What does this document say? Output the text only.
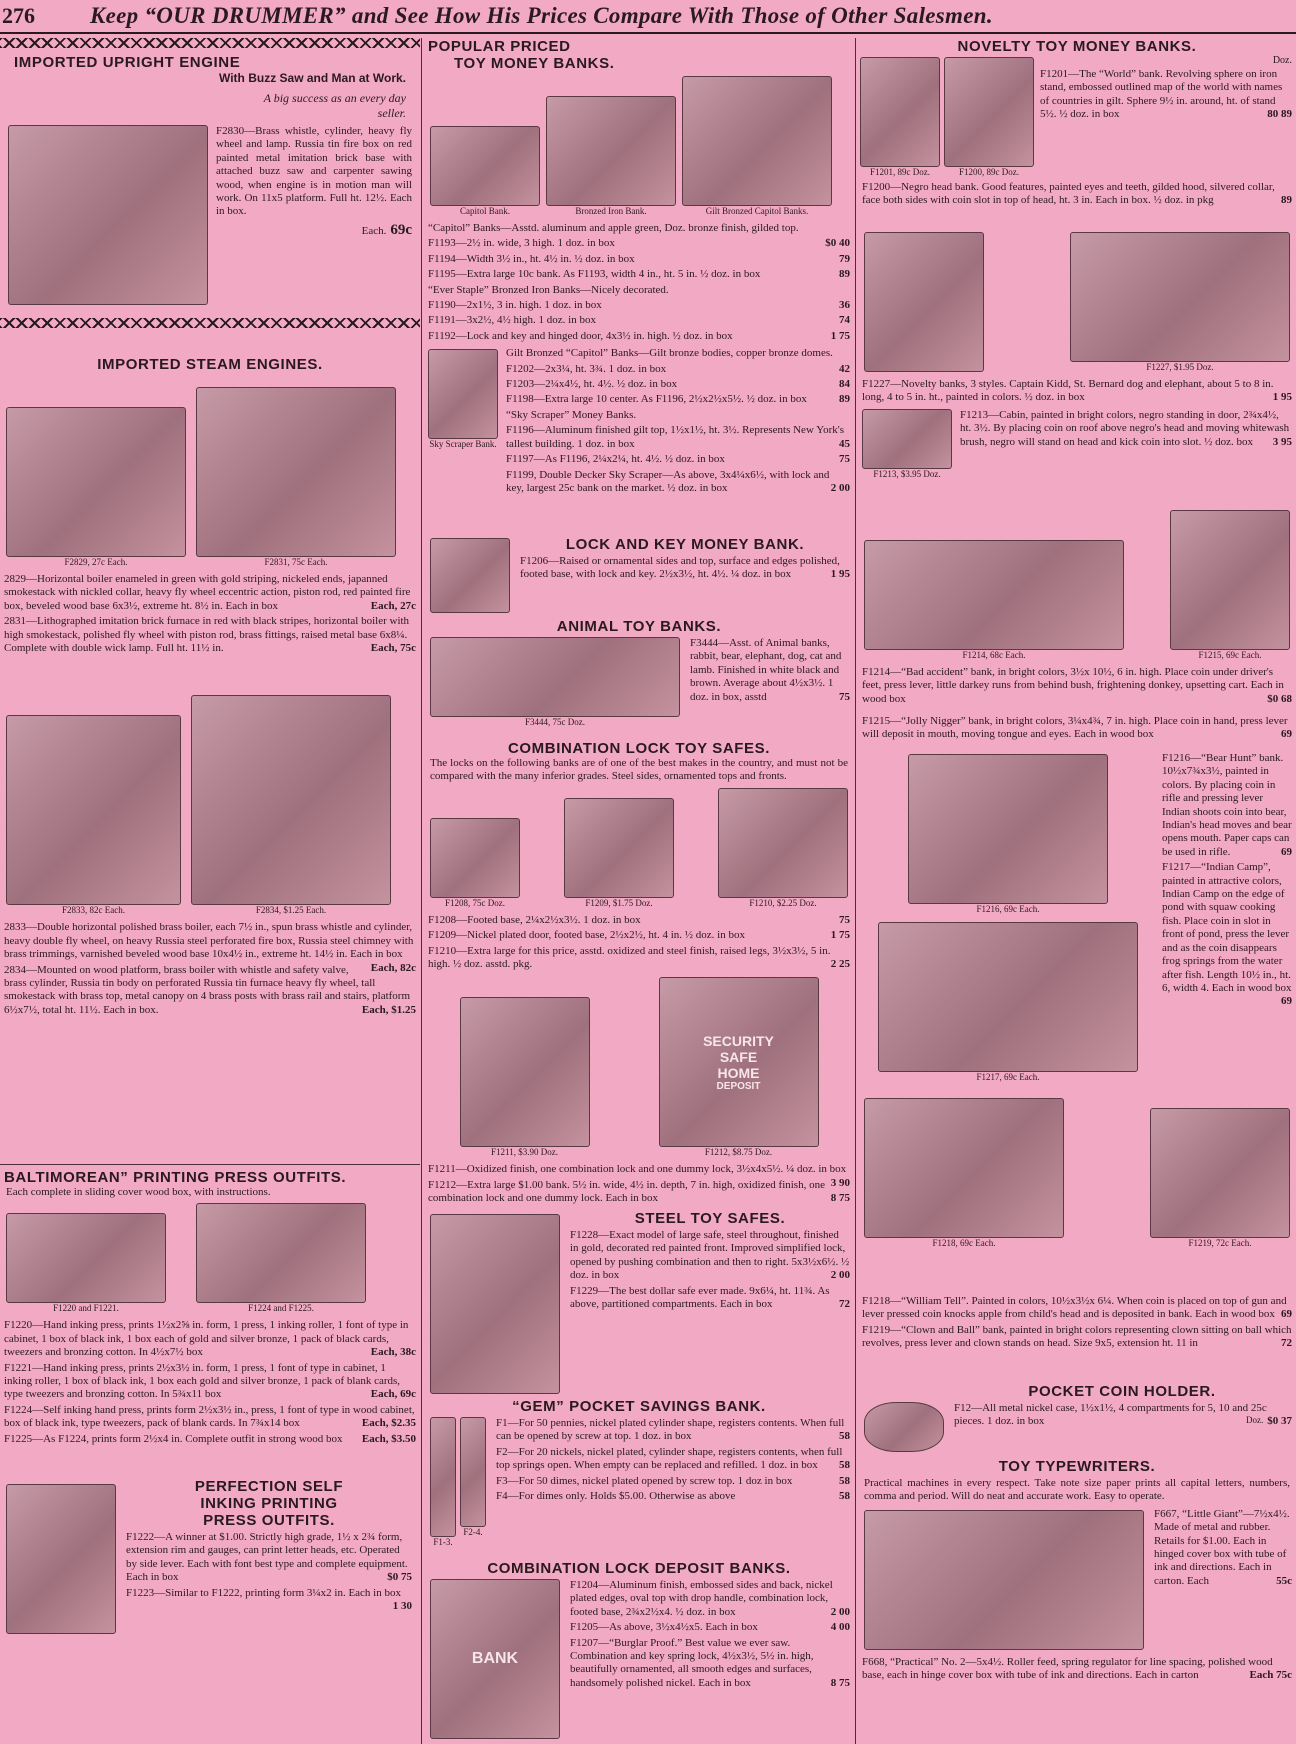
276	Keep “OUR DRUMMER” and See How His Prices Compare With Those of Other Salesmen.
IMPORTED UPRIGHT ENGINE
With Buzz Saw and Man at Work.
A big success as an every day seller.
F2830—Brass whistle, cylinder, heavy fly wheel and lamp. Russia tin fire box on red painted metal imitation brick base with attached buzz saw and carpenter sawing wood, when engine is in motion man will work. On 11x5 platform. Full ht. 12½. Each in box.
Each. 69c
IMPORTED STEAM ENGINES.
F2829, 27c Each.	F2831, 75c Each.
2829—Horizontal boiler enameled in green with gold striping, nickeled ends, japanned smokestack with nickled collar, heavy fly wheel eccentric action, piston rod, red painted fire box, beveled wood base 6x3½, extreme ht. 8½ in. Each in box	Each, 27c
2831—Lithographed imitation brick furnace in red with black stripes, horizontal boiler with high smokestack, polished fly wheel with piston rod, brass fittings, raised metal base 6x8¼. Complete with double wick lamp. Full ht. 11½ in.	Each, 75c
F2833, 82c Each.	F2834, $1.25 Each.
2833—Double horizontal polished brass boiler, each 7½ in., spun brass whistle and cylinder, heavy double fly wheel, on heavy Russia steel perforated fire box, Russia steel chimney with brass trimmings, varnished beveled wood base 10x4½ in., extreme ht. 14½ in. Each in box
Each, 82c
2834—Mounted on wood platform, brass boiler with whistle and safety valve, brass cylinder, Russia tin body on perforated Russia tin furnace heavy fly wheel, tall smokestack with brass top, metal canopy on 4 brass posts with brass rail and stairs, platform 6½x7½, total ht. 11½. Each in box.	Each, $1.25
BALTIMOREAN” PRINTING PRESS OUTFITS.
Each complete in sliding cover wood box, with instructions.
F1220 and F1221.	F1224 and F1225.
F1220—Hand inking press, prints 1½x2⅝ in. form, 1 press, 1 inking roller, 1 font of type in cabinet, 1 box of black ink, 1 box each of gold and silver bronze, 1 pack of black cards, tweezers and bronzing cotton. In 4½x7½ box	Each, 38c
F1221—Hand inking press, prints 2½x3½ in. form, 1 press, 1 font of type in cabinet, 1 inking roller, 1 box of black ink, 1 box each gold and silver bronze, 1 pack of blank cards, type tweezers and bronzing cotton. In 5¾x11 box	Each, 69c
F1224—Self inking hand press, prints form 2½x3½ in., press, 1 font of type in wood cabinet, box of black ink, type tweezers, pack of blank cards. In 7¾x14 box	Each, $2.35
F1225—As F1224, prints form 2½x4 in. Complete outfit in strong wood box	Each, $3.50
PERFECTION SELF
INKING PRINTING
PRESS OUTFITS.
F1222—A winner at $1.00. Strictly high grade, 1½ x 2¾ form, extension rim and gauges, can print letter heads, etc. Operated by side lever. Each with font best type and complete equipment. Each in box	$0 75
F1223—Similar to F1222, printing form 3¼x2 in. Each in box
1 30
POPULAR PRICED
TOY MONEY BANKS.
Capitol Bank.	Bronzed Iron Bank.	Gilt Bronzed Capitol Banks.
“Capitol” Banks—Asstd. aluminum and apple green, Doz. bronze finish, gilded top.
F1193—2½ in. wide, 3 high. 1 doz. in box	$0 40
F1194—Width 3½ in., ht. 4½ in. ½ doz. in box	79
F1195—Extra large 10c bank. As F1193, width 4 in., ht. 5 in. ½ doz. in box	89
“Ever Staple” Bronzed Iron Banks—Nicely decorated.
F1190—2x1½, 3 in. high. 1 doz. in box	36
F1191—3x2½, 4½ high. 1 doz. in box	74
F1192—Lock and key and hinged door, 4x3½ in. high. ½ doz. in box	1 75
Sky Scraper Bank.
Gilt Bronzed “Capitol” Banks—Gilt bronze bodies, copper bronze domes.
F1202—2x3¼, ht. 3¾. 1 doz. in box	42
F1203—2¼x4½, ht. 4½. ½ doz. in box	84
F1198—Extra large 10 center. As F1196, 2½x2½x5½. ½ doz. in box	89
“Sky Scraper” Money Banks.
F1196—Aluminum finished gilt top, 1½x1½, ht. 3½. Represents New York's tallest building. 1 doz. in box	45
F1197—As F1196, 2¼x2¼, ht. 4½. ½ doz. in box	75
F1199, Double Decker Sky Scraper—As above, 3x4¼x6½, with lock and key, largest 25c bank on the market. ½ doz. in box	2 00
LOCK AND KEY MONEY BANK.
F1206—Raised or ornamental sides and top, surface and edges polished, footed base, with lock and key. 2½x3½, ht. 4½. ¼ doz. in box	1 95
ANIMAL TOY BANKS.
F3444, 75c Doz.
F3444—Asst. of Animal banks, rabbit, bear, elephant, dog, cat and lamb. Finished in white black and brown. Average about 4½x3½. 1 doz. in box, asstd	75
COMBINATION LOCK TOY SAFES.
The locks on the following banks are of one of the best makes in the country, and must not be compared with the many inferior grades. Steel sides, ornamented tops and fronts.
F1208, 75c Doz.	F1209, $1.75 Doz.	F1210, $2.25 Doz.
F1208—Footed base, 2¼x2½x3½. 1 doz. in box	75
F1209—Nickel plated door, footed base, 2½x2½, ht. 4 in. ½ doz. in box	1 75
F1210—Extra large for this price, asstd. oxidized and steel finish, raised legs, 3½x3½, 5 in. high. ½ doz. asstd. pkg.	2 25
F1211, $3.90 Doz.
SECURITY
SAFE
HOME
DEPOSIT
F1212, $8.75 Doz.
F1211—Oxidized finish, one combination lock and one dummy lock, 3½x4x5½. ¼ doz. in box
3 90
F1212—Extra large $1.00 bank. 5½ in. wide, 4½ in. depth, 7 in. high, oxidized finish, one combination lock and one dummy lock. Each in box	8 75
STEEL TOY SAFES.
F1228—Exact model of large safe, steel throughout, finished in gold, decorated red painted front. Improved simplified lock, opened by pushing combination and then to right. 5x3½x6½. ½ doz. in box	2 00
F1229—The best dollar safe ever made. 9x6¼, ht. 11¾. As above, partitioned compartments. Each in box	72
“GEM” POCKET SAVINGS BANK.
F1-3.
F2-4.
F1—For 50 pennies, nickel plated cylinder shape, registers contents. When full can be opened by screw at top. 1 doz. in box	58
F2—For 20 nickels, nickel plated, cylinder shape, registers contents, when full top springs open. When empty can be replaced and refilled. 1 doz. in box	58
F3—For 50 dimes, nickel plated opened by screw top. 1 doz in box	58
F4—For dimes only. Holds $5.00. Otherwise as above	58
COMBINATION LOCK DEPOSIT BANKS.
BANK
F1204—Aluminum finish, embossed sides and back, nickel plated edges, oval top with drop handle, combination lock, footed base, 2¾x2½x4. ½ doz. in box	2 00
F1205—As above, 3½x4½x5. Each in box	4 00
F1207—“Burglar Proof.” Best value we ever saw. Combination and key spring lock, 4½x3½, 5½ in. high, beautifully ornamented, all smooth edges and surfaces, handsomely polished nickel. Each in box	8 75
NOVELTY TOY MONEY BANKS.
F1201, 89c Doz.	F1200, 89c Doz.
Doz.
F1201—The “World” bank. Revolving sphere on iron stand, embossed outlined map of the world with names of countries in gilt. Sphere 9½ in. around, ht. of stand 5½. ½ doz. in box	80 89
F1200—Negro head bank. Good features, painted eyes and teeth, gilded hood, silvered collar, face both sides with coin slot in top of head, ht. 3 in. Each in box. ½ doz. in pkg	89
F1227, $1.95 Doz.
F1227—Novelty banks, 3 styles. Captain Kidd, St. Bernard dog and elephant, about 5 to 8 in. long, 4 to 5 in. ht., painted in colors. ½ doz. in box	1 95
F1213, $3.95 Doz.
F1213—Cabin, painted in bright colors, negro standing in door, 2¾x4½, ht. 3½. By placing coin on roof above negro's head and moving whitewash brush, negro will stand on head and kick coin into slot. ½ doz. box	3 95
F1214, 68c Each.	F1215, 69c Each.
F1214—“Bad accident” bank, in bright colors, 3½x 10½, 6 in. high. Place coin under driver's feet, press lever, little darkey runs from behind bush, frightening donkey, upsetting cart. Each in wood box	$0 68
F1215—“Jolly Nigger” bank, in bright colors, 3¼x4¾, 7 in. high. Place coin in hand, press lever will deposit in mouth, moving tongue and eyes. Each in wood box	69
F1216, 69c Each.
F1217, 69c Each.
F1216—“Bear Hunt” bank. 10½x7¾x3½, painted in colors. By placing coin in rifle and pressing lever Indian shoots coin into bear, Indian's head moves and bear opens mouth. Paper caps can be used in rifle.	69
F1217—“Indian Camp”, painted in attractive colors, Indian Camp on the edge of pond with squaw cooking fish. Place coin in slot in front of pond, press the lever and as the coin disappears frog springs from the water after fish. Length 10½ in., ht. 6, width 4. Each in wood box
69
F1218, 69c Each.	F1219, 72c Each.
F1218—“William Tell”. Painted in colors, 10½x3½x 6¼. When coin is placed on top of gun and lever pressed coin knocks apple from child's head and is deposited in bank. Each in wood box 69
F1219—“Clown and Ball” bank, painted in bright colors representing clown sitting on ball which revolves, press lever and clown stands on head. Size 9x5, extension ht. 11 in	72
POCKET COIN HOLDER.
F12—All metal nickel case, 1½x1½, 4 compartments for 5, 10 and 25c pieces. 1 doz. in box	$0 37
Doz.
TOY TYPEWRITERS.
Practical machines in every respect. Take note size paper prints all capital letters, numbers, comma and period. Will do neat and accurate work. Easy to operate.
F667, “Little Giant”—7½x4½. Made of metal and rubber. Retails for $1.00. Each in hinged cover box with tube of ink and directions. Each in carton. Each	55c
F668, “Practical” No. 2—5x4½. Roller feed, spring regulator for line spacing, polished wood base, each in hinge cover box with tube of ink and directions. Each in carton	Each 75c
